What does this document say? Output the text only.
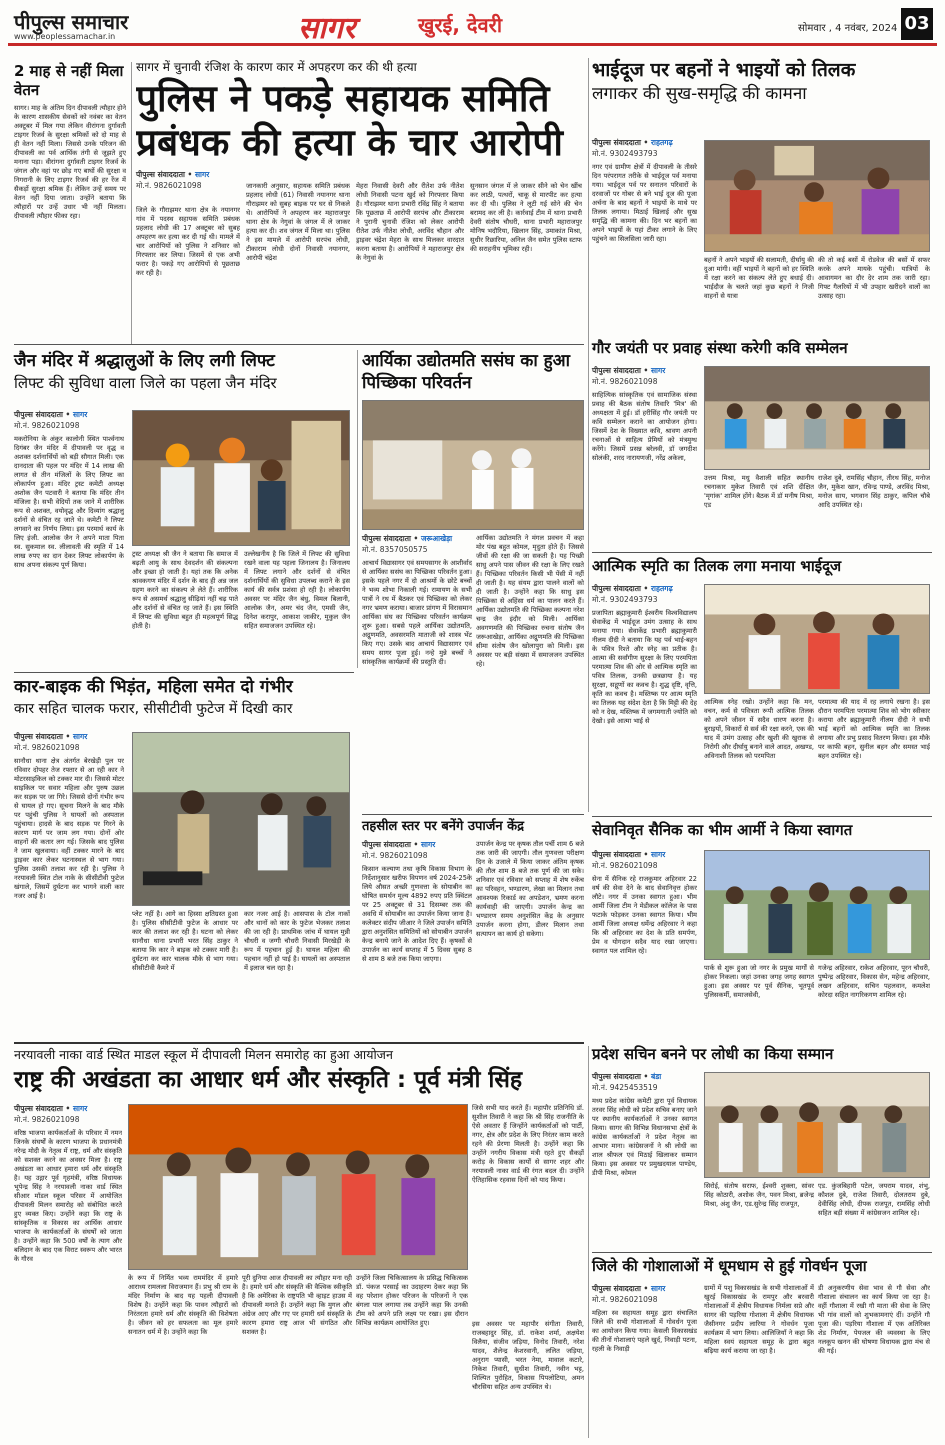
पीपुल्स समाचार
www.peoplessamachar.in	सागर	खुरई, देवरी	सोमवार , 4 नवंबर, 2024 03
2 माह से नहीं मिला वेतन
सागर। माह के अंतिम दिन दीपावली त्यौहार होने के कारण शासकीय सेवकों को नवंबर का वेतन अक्टूबर में मिल गया लेकिन वीरांगना दुर्गावती टाइगर रिजर्व के सुरक्षा श्रमिकों को दो माह से ही वेतन नहीं मिला। जिससे उनके परिजन की दीपावली का पर्व आर्थिक तंगी से जूझते हुए मनाना पड़ा। वीरांगना दुर्गावती टाइगर रिजर्व के जंगल और वहां पर छोड़ गए बाघों की सुरक्षा व निगरानी के लिए टाइगर रिजर्व की हर रेंज में सैकड़ों सुरक्षा श्रमिक हैं। लेकिन उन्हें समय पर वेतन नहीं दिया जाता। उन्होंने बताया कि त्यौहारों पर उन्हें उधार भी नहीं मिलता। दीपावली त्यौहार फीका रहा।
सागर में चुनावी रंजिश के कारण कार में अपहरण कर की थी हत्या
पुलिस ने पकड़े सहायक समिति प्रबंधक की हत्या के चार आरोपी
पीपुल्स संवाददाता • सागर
मो.नं. 9826021098
जिले के गौराझमर थाना क्षेत्र के नयानगर गांव में पदस्थ सहायक समिति प्रबंधक प्रहलाद लोधी की 17 अक्टूबर को सुबह अपहरण कर हत्या कर दी गई थी। मामले में चार आरोपियों को पुलिस ने शनिवार को गिरफ्तार कर लिया। जिसमें से एक अभी फरार है। पकड़े गए आरोपियों से पूछताछ कर रही है।
जानकारी अनुसार, सहायक समिति प्रबंधक प्रहलाद लोधी (61) निवासी नयानगर थाना गौराझमर को सुबह बाइक पर घर से निकले थे। आरोपियों ने अपहरण कर महाराजपुर थाना क्षेत्र के नेगुवां के जंगल में ले जाकर हत्या कर दी। शव जंगल में मिला था। पुलिस ने इस मामले में आरोपी सरपंच लोधी, टीकाराम लोधी दोनों निवासी नयानगर, आरोपी चंद्रेश
मेहरा निवासी देवरी और रीतेश उर्फ नीतेश लोधी निवासी पटना खुर्द को गिरफ्तार किया है। गौराझमर थाना प्रभारी रविंद्र सिंह ने बताया कि पूछताछ में आरोपी सरपंच और टीकाराम ने पुरानी चुनावी रंजिश को लेकर आरोपी रीतेश उर्फ नीतेश लोधी, अरविंद चौहान और ड्राइवर चंद्रेश मेहरा के साथ मिलकर वारदात करना बताया है। आरोपियों ने महाराजपुर क्षेत्र के नेगुवां के
सुनसान जंगल में ले जाकर सीने को चेन खींच कर लाठी, पत्थरों, चाकू से मारपीट कर हत्या कर दी थी। पुलिस ने लूटी गई सोने की चेन बरामद कर ली है। कार्रवाई टीम में थाना प्रभारी देवरी संतोष चौधरी, थाना प्रभारी महाराजपुर मोनिष भदौरिया, खिलान सिंह, उमाकांत मिश्रा, सुधीर रिछारिया, अनिल जैन समेत पुलिस स्टाफ की सराहनीय भूमिका रही।
भाईदूज पर बहनों ने भाइयों को तिलक
लगाकर की सुख-समृद्धि की कामना
पीपुल्स संवाददाता • राहतगढ़
मो.नं. 9302493793
नगर एवं ग्रामीण क्षेत्रों में दीपावली के तीसरे दिन परंपरागत तरीके से भाईदूज पर्व मनाया गया। भाईदूज पर्व पर सनातन परिवारों के दरवाजों पर गोबर से बने भाई दूज की पूजा अर्चना के बाद बहनों ने भाइयों के माथे पर तिलक लगाया। मिठाई खिलाई और सुख समृद्धि की कामना की। दिन भर बहनों का अपने भाइयों के यहां टीका लगाने के लिए पहुंचने का सिलसिला जारी रहा।
बहनों ने अपने भाइयों की सलामती, दीर्घायु की दुआ मांगी। वहीं भाइयों ने बहनों को हर स्थिति में रक्षा करने का संकल्प लेते हुए बधाई दी। भाईदौज के चलते जहां कुछ बहनों ने निजी वाहनों से यात्रा
की तो कई बसों में रोडवेज की बसों में सफर करके अपने मायके पहुंची। यात्रियों के आवागमन का दौर देर शाम तक जारी रहा। गिफ्ट गैलरियों में भी उपहार खरीदने वालों का उत्साह रहा।
जैन मंदिर में श्रद्धालुओं के लिए लगी लिफ्ट
लिफ्ट की सुविधा वाला जिले का पहला जैन मंदिर
पीपुल्स संवाददाता • सागर
मो.नं. 9826021098
मकरोनिया के अंकुर कालोनी स्थित पार्श्वनाथ दिगंबर जैन मंदिर में दीपावली पर वृद्ध व अशक्त दर्शनार्थियों को बड़ी सौगात मिली। एक दानदाता की पहल पर मंदिर में 14 लाख की लागत से तीन मंजिलों के लिए लिफ्ट का लोकार्पण हुआ। मंदिर ट्रस्ट कमेटी अध्यक्ष अशोक जैन पटवारी ने बताया कि मंदिर तीन मंजिला है। सभी वेदियों तक जाने में शारीरिक रूप से अशक्त, वयोवृद्ध और दिव्यांग श्रद्धालु दर्शनों से वंचित रह जाते थे। कमेटी ने लिफ्ट लगवाने का निर्णय लिया। इस परमार्थ कार्य के लिए इंजी. आलोक जैन ने अपने माता पिता स्व. सुकमाल स्व. लीलावती की स्मृति में 14 लाख रुपए का दान देकर लिफ्ट लोकार्पण के साथ अपना संकल्प पूर्ण किया।
ट्रस्ट अध्यक्ष श्री जैन ने बताया कि समाज में बढ़ती आयु के साथ देवदर्शन की संकल्पना और इच्छा हो जाती है। यहां तक कि अनेक श्रावकगण मंदिर में दर्शन के बाद ही अन्न जल ग्रहण करने का संकल्प ले लेते हैं। शारीरिक रूप से असमर्थ श्रद्धालु सीढ़ियां नहीं चढ़ पाते और दर्शनों से वंचित रह जाते हैं। इस स्थिति में लिफ्ट की सुविधा बहुत ही महत्वपूर्ण सिद्ध होती है।
उल्लेखनीय है कि जिले में लिफ्ट की सुविधा रखने वाला यह पहला जिनालय है। जिनालय में लिफ्ट लगाने और दर्शनों से वंचित दर्शनार्थियों की सुविधा उपलब्ध कराने के इस कार्य की सर्वत्र प्रशंसा हो रही है। लोकार्पण अवसर पर मंदिर जैन बंधु, विमल बिलानी, आलोक जैन, अमर चंद जैन, एमसी जैन, दिनेश करापुर, आकाश जाकीर, मुकुल जैन सहित समाजजन उपस्थित रहे।
आर्यिका उद्योतमति ससंघ का हुआ पिच्छिका परिवर्तन
पीपुल्स संवाददाता • जरूआखेड़ा
मो.नं. 8357050575
आचार्य विद्यासागर एवं समयसागर के आशीर्वाद से आर्यिका ससंघ का पिच्छिका परिवर्तन हुआ। इसके पहले नगर में दो आश्रमों के छोटे बच्चों ने भव्य शोभा निकाली गई। रामायण के सभी पात्रों ने रथ में बैठकर एवं पिच्छिका को लेकर नगर भ्रमण कराया। बाजार प्रांगण में विरासमान आर्यिका संघ का पिच्छिका परिवर्तन कार्यक्रम शुरू हुआ। सबसे पहले आर्यिका उद्योतमति, अद्गुणमति, अवसरमति माताजी को शास्त्र भेंट किए गए। उसके बाद आचार्य विद्यासागर एवं समय सागर पूजा हुई। नन्हे मुन्ने बच्चों ने सांस्कृतिक कार्यक्रमों की प्रस्तुति दी।
आर्यिका उद्योतमति ने मंगल प्रवचन में कहा मोर पंख बहुत कोमल, मृदुता होते हैं। जिससे जीवों की रक्षा की जा सकती है। यह पिच्छी साधु अपने पास जीवन की रक्षा के लिए रखते हैं। पिच्छिका परिवर्तन किसी भी पेंसी में नहीं दी जाती है। यह संयम द्वारा पालने वालों को दी जाती है। उन्होंने कहा कि साधु इस पिच्छिका से अहिंसा धर्म का पालन करते हैं। आर्यिका उद्योतमति की पिच्छिका कल्पना नरेश चन्द्र जैन इंदौर को मिली। आर्यिका अवगणमति की पिच्छिका रुचना संतोष जैन जरूआखेड़ा, आर्यिका अद्गुणमति की पिच्छिका सीमा संतोष जैन खोलापुरा को मिली। इस अवसर पर बड़ी संख्या में समाजजन उपस्थित रहे।
गौर जयंती पर प्रवाह संस्था करेगी कवि सम्मेलन
पीपुल्स संवाददाता • सागर
मो.नं. 9826021098
साहित्यिक सांस्कृतिक एवं सामाजिक संस्था प्रवाह की बैठक संतोष तिवारि 'मित्र' की अध्यक्षता में हुई। डॉ हरीसिंह गौर जयंती पर कवि सम्मेलन कराने का आयोजन होगा। जिसमें देश के विख्यात कवि, श्रावण अपनी रचनाओं से साहित्य प्रेमियों को मंत्रमुग्ध करेंगे। जिसमें प्रसन्न बरेलवी, डॉ जगदीश सोलंकी, शरद नारायणजी, नरेंद्र अकेला,
उत्तम मिश्रा, मधु वैशाली सहित स्थानीय रचनाकार मुकेश तिवारी एवं शशि दीक्षित 'मृगांक' शामिल होंगे। बैठक में डॉ मनीष मिश्रा, एड
राजेश दुबे, रामसिंह चौहान, तीरथ सिंह, मनोज जैन, मुकेश खान, रविन्द्र पाण्डे, अरविंद मिश्रा, मनोज साय, भगवान सिंह ठाकुर, कपिल चौबे आदि उपस्थित रहे।
आत्मिक स्मृति का तिलक लगा मनाया भाईदूज
पीपुल्स संवाददाता • राहतगढ़
मो.नं. 9302493793
प्रजापिता ब्रह्माकुमारी ईश्वरीय विश्वविद्यालय सेवाकेंद्र में भाईदूज उमंग उत्साह के साथ मनाया गया। सेवाकेंद्र प्रभारी ब्रह्माकुमारी नीलम दीदी ने बताया कि यह पर्व भाई-बहन के पवित्र रिश्ते और स्नेह का प्रतीक है। आत्मा की सर्वांगीण सुरक्षा के लिए परमपिता परमात्मा शिव की ओर से आत्मिक स्मृति का पवित्र तिलक, उनकी छत्रछाया है। यह सुरक्षा, सद्गुणों का कवच है। शुद्ध दृष्टि, वृत्ति, कृति का कवच है। मस्तिष्क पर आत्म स्मृति का तिलक यह संदेश देता है कि मिट्टी की देह को न देख, मस्तिष्क में जगमगाती ज्योति को देखो। इसे आत्मा भाई से
आत्मिक स्नेह रखो। उन्होंने कहा कि मन, वचन, कर्म से पवित्रता रूपी आत्मिक तिलक को अपने जीवन में सदैव धारण करना है। बुराइयों, विकारों से सर्व की रक्षा करने, एक की याद में उमंग उत्साह और खुशी की खुराक से निरोगी और दीर्घायु बनाने वाले आदत, अखण्ड, अविनाशी तिलक को परमपिता
परमात्मा की याद में रह लगाये रखना है। इस दौरान परमपिता परमात्मा शिव को भोग स्वीकार कराया और ब्रह्माकुमारी नीलम दीदी ने सभी भाई बहनों को आत्मिक स्मृति का तिलक लगाया और प्रभु प्रसाद वितरण किया। इस मौके पर काफी बहन, सुनील बहन और समस्त भाई बहन उपस्थित रहे।
कार-बाइक की भिड़ंत, महिला समेत दो गंभीर
कार सहित चालक फरार, सीसीटीवी फुटेज में दिखी कार
पीपुल्स संवाददाता • सागर
मो.नं. 9826021098
सानौधा थाना क्षेत्र अंतर्गत बेरखेड़ी पुल पर रविवार दोपहर तेज रफ्तार से आ रही कार ने मोटरसाइकिल को टक्कर मार दी। जिससे मोटर साइकिल पर सवार महिला और पुरुष उछल कर सड़क पर जा गिरे। जिससे दोनों गंभीर रूप से घायल हो गए। सूचना मिलने के बाद मौके पर पहुंची पुलिस ने घायलों को अस्पताल पहुंचाया। हादसे के बाद सड़क पर गिरने के कारण मार्ग पर जाम लग गया। दोनों ओर वाहनों की कतार लग गई। जिसके बाद पुलिस ने जाम खुलवाया। वहीं टक्कर मारने के बाद ड्राइवर कार लेकर घटनास्थल से भाग गया। पुलिस उसकी तलाश कर रही है। पुलिस ने नरयावली स्थित टोल नाके के सीसीटीवी फुटेज खंगाले, जिसमें दुर्घटना कर भागने वाली कार नजर आई है।
प्लेट नहीं है। आगे का हिस्सा क्षतिग्रस्त हुआ है। पुलिस सीसीटीवी फुटेज के आधार पर कार की तलाश कर रही है। घटना को लेकर सानौधा थाना प्रभारी भरत सिंह ठाकुर ने बताया कि कार ने बाइक को टक्कर मारी है। दुर्घटना कर कार चालक मौके से भाग गया। सीसीटीवी कैमरे में
कार नजर आई है। आसपास के टोल नाकों और थानों को कार के फुटेज भेजकर तलाश की जा रही है। प्राथमिक जांच में घायल मुन्नी चौधरी व जग्गी चौधरी निवासी मिरखेड़ी के रूप में पहचान हुई है। घायल महिला की पहचान नहीं हो पाई है। घायलों का अस्पताल में इलाज चल रहा है।
तहसील स्तर पर बनेंगे उपार्जन केंद्र
पीपुल्स संवाददाता • सागर
मो.नं. 9826021098
किसान कल्याण तथा कृषि विकास विभाग के निर्देशानुसार खरीफ विपणन वर्ष 2024-25के लिये औसत अच्छी गुणवत्ता के सोयाबीन का घोषित समर्थन मूल्य 4892 रुपए प्रति क्विंटल पर 25 अक्टूबर से 31 दिसम्बर तक की अवधि में सोयाबीन का उपार्जन किया जाना है। कलेक्टर संदीप जीआर ने जिले उपार्जन समिति द्वारा अनुशंसित समितियों को सोयाबीन उपार्जन केन्द्र बनाये जाने के आदेश दिए हैं। कृषकों से उपार्जन का कार्य सप्ताह में 5 दिवस सुबह 8 से शाम 8 बजे तक किया जाएगा।
उपार्जन केन्द्र पर कृषक तौल पर्ची शाम 6 बजे तक जारी की जाएगी। तौल गुणवत्ता परीक्षण दिन के उजाले में किया जाकर अंतिम कृषक की तौल शाम 8 बजे तक पूर्ण की जा सके। शनिवार एवं रविवार को सप्ताह में शेष रुकेंच का परिवहन, भण्डारण, लेखा का मिलान तथा आवश्यक रिकार्ड का अपडेशन, भ्रमण करना कार्यवाही की जाएगी। उपार्जन केन्द्र का भण्डारण समय अनुशंसित केंद्र के अनुसार उपार्जन करना होगा, डीलर मिलान तथा सत्यापन का कार्य हो सकेगा।
सेवानिवृत सैनिक का भीम आर्मी ने किया स्वागत
पीपुल्स संवाददाता • सागर
मो.नं. 9826021098
सेना में सैनिक रहे राजकुमार अहिरवार 22 वर्ष की सेवा देने के बाद सेवानिवृत्त होकर लौटे। नगर में उनका स्वागत हुआ। भीम आर्मी जिला टीम ने मेडीकल कॉलेज के पास फटाके फोड़कर उनका स्वागत किया। भीम आर्मी जिला अध्यक्ष धर्मेन्द्र अहिरवार ने कहा कि श्री अहिरवार का देश के प्रति समर्पण, प्रेम व योगदान सदैव याद रखा जाएगा। स्वागत पल शामिल रहे।
पार्क से शुरू हुआ जो नगर के प्रमुख मार्गों से होकर निकला। जहां उनका जगह जगह स्वागत हुआ। इस अवसर पर पूर्व सैनिक, भूतपूर्व पुलिसकर्मी, समाजसेवी,
गजेन्द्र अहिरवार, राकेश अहिरवार, पूरन चौधरी, पुष्पेन्द्र अहिरवार, विकास सेन, महेन्द्र अहिरवार, लखन अहिरवार, सचिन पहलवान, कमलेश कोरदा सहित नागरिकगण शामिल रहे।
नरयावली नाका वार्ड स्थित माडल स्कूल में दीपावली मिलन समारोह का हुआ आयोजन
राष्ट्र की अखंडता का आधार धर्म और संस्कृति : पूर्व मंत्री सिंह
पीपुल्स संवाददाता • सागर
मो.नं. 9826021098
वरिष्ठ भाजपा कार्यकर्ताओं के परिवार में नमन जिनके संघर्षों के कारण भाजपा के प्रधानमंत्री नरेन्द्र मोदी के नेतृत्व में राष्ट्र, धर्म और संस्कृति को सशक्त करने का अवसर मिला है। राष्ट्र अखंडता का आधार हमारा धर्म और संस्कृति है। यह उद्गार पूर्व गृहमंत्री, वरिष्ठ विधायक भूपेन्द्र सिंह ने नरयावली नाका वार्ड स्थित सीआर मॉडल स्कूल परिसर में आयोजित दीपावली मिलन समारोह को संबोधित करते हुए व्यक्त किए। उन्होंने कहा कि राष्ट्र के सांस्कृतिक व विकास का आर्थिक आधार भाजपा के कार्यकर्ताओं के संघर्षों को जाता है। उन्होंने कहा कि 500 वर्षों के त्याग और बलिदान के बाद एक विराट स्वरूप और भारत के गौरव
के रूप में निर्मित भव्य राममंदिर में हमारे आराध्य रामलला विराजमान हैं। प्रभु श्री राम के मंदिर निर्माण के बाद यह पहली दीपावली विशेष है। उन्होंने कहा कि पावन त्यौहारों को निरंतरता हमारे धर्म और संस्कृति की विशेषता है। जीवन को हर सफलता का मूल हमारे सनातन धर्म में है। उन्होंने कहा कि
पूरी दुनिया आज दीपावली का त्यौहार मना रही है। हमारे धर्म और संस्कृति की वैश्विक स्वीकृति है कि अमेरिका के राष्ट्रपति भी व्हाइट हाउस में दीपावली मनाते हैं। उन्होंने कहा कि मुगल और अंग्रेज आए और गए पर हमारी धर्म संस्कृति के कारण हमारा राष्ट्र आज भी संगठित और सशक्त है।
जिसे सभी याद करते हैं। महापौर प्रतिनिधि डॉ. सुशील तिवारी ने कहा कि श्री सिंह राजनीति के ऐसे अवतार हैं जिन्होंने कार्यकर्ताओं को पार्टी, नगर, क्षेत्र और प्रदेश के लिए निरंतर काम करते रहने की प्रेरणा मिलती है। उन्होंने कहा कि उन्होंने नगरीय विकास मंत्री रहते हुए सैकड़ों करोड़ के विकास कार्यों से सागर शहर और नरयावली नाका वार्ड की रंगत बदल दी। उन्होंने ऐतिहासिक रहवास दिनों को याद किया।
उन्होंने जिला चिकित्सालय के प्रसिद्ध चिकित्सक डॉ. पंकज परसाई का उदाहरण देकर कहा कि वह परेशान होकर परिजन के परिजनों ने एक बंगला पाल लगाया तब उन्होंने कहा कि उनकी टीम को अपने प्रति लक्ष्य पर रखा। इस दौरान विभिन्न कार्यक्रम आयोजित हुए।	इस अवसर पर महापौर संगीता तिवारी, राजबहादुर सिंह, डॉ. राकेश शर्मा, अक्षयेश विलैया, संजीव जड़िया, विनोद तिवारी, नरेश यादव, शैलेन्द्र केशरवानी, ललित जड़िया, अनुराग प्यासी, भरत नेमा, मावाल कटारे, निकेश तिवारी, सुधीश तिवारी, नवीन भट्ट, शिल्पित पुरोहित, विकास पिपलोटिया, अमन चौरसिया सहित अन्य उपस्थित थे।
प्रदेश सचिन बनने पर लोधी का किया सम्मान
पीपुल्स संवाददाता • बंडा
मो.नं. 9425453519
मध्य प्रदेश कांग्रेस कमेटी द्वारा पूर्व विधायक तरवर सिंह लोधी को प्रदेश सचिव बनाए जाने पर स्थानीय कार्यकर्ताओं ने उनका स्वागत किया। सागर की विभिन्न विधानसभा क्षेत्रों के कांग्रेस कार्यकर्ताओं ने प्रदेश नेतृत्व का आभार माना। कांग्रेसजनों ने श्री लोधी का शाल श्रीफल एवं मिठाई खिलाकर सम्मान किया। इस अवसर पर प्रमुखदयाल पाण्डेय, डीपी मिश्रा, कोमल
सिरोई, संतोष सराफ, ईश्वरी शुक्ला, सांवर सिंह कोठारी, अशोक जैन, पवन मिश्रा, ब्रजेन्द्र मिश्रा, अंशु जैन, एड.सुरेन्द्र सिंह राजपूत,
एड. कुंजबिहारी पटेल, जयराम यादव, शंभु, कौशल दुबे, राजेश तिवारी, दोलतराम दुबे, देवीसिंह लोधी, दीपक राजपूत, रामसिंह लोधी सहित बड़ी संख्या में कांग्रेसजन शामिल रहे।
जिले की गोशालाओं में धूमधाम से हुई गोवर्धन पूजा
पीपुल्स संवाददाता • सागर
मो.नं. 9826021098
महिला स्व सहायता समूह द्वारा संचालित जिले की सभी गोशालाओं में गोवर्धन पूजा का आयोजन किया गया। केसली विकासखंड की तीनों गोशालाएं पहले खुर्द, निवाड़ी पटना, रहली के निवाड़ी
ग्रामों में पशु विकासखंड के सभी गोशालाओं में खुरई विकासखंड के रामपुर और बरवारी गोशालाओं में क्षेत्रीय विधायक निर्मला सप्रे और सागर की पड़रिया गोशाला में क्षेत्रीय विधायक जैसीनगर प्रदीप लारिया ने गोवर्धन पूजा कार्यक्रम में भाग लिया। आलिजियाँ ने कहा कि महिला स्वयं सहायता समूह के द्वारा बहुत बढ़िया कार्य कराया जा रहा है।
डी अनुकरणीय सेवा भाव से गौ सेवा और गौशाला संचालन का कार्य किया जा रहा है। वहीं गौशाला में रखी गौ माता की सेवा के लिए भी गांव वालों को शुभकामनाएं दीं। उन्होंने गौ पूजा की। पड़रिया गौशाला में एक अतिरिक्त शेड निर्माण, पेयजल की व्यवस्था के लिए नलकूप खनन की घोषणा विधायक द्वारा मंच से की गई।
